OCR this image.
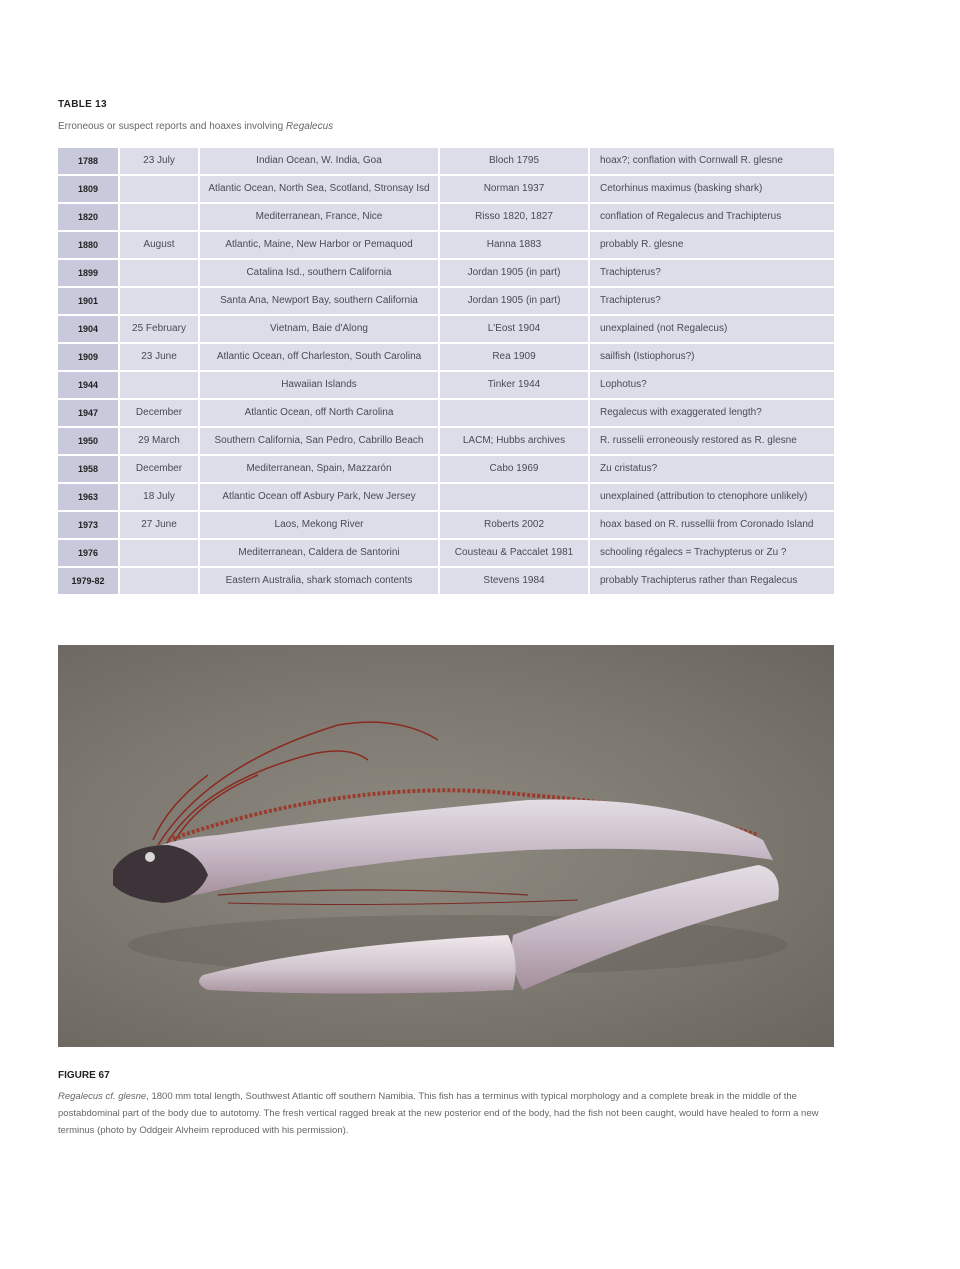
TABLE 13
Erroneous or suspect reports and hoaxes involving Regalecus
1788	23 July	Indian Ocean, W. India, Goa	Bloch 1795	hoax?; conflation with Cornwall R. glesne
1809		Atlantic Ocean, North Sea, Scotland, Stronsay Isd	Norman 1937	Cetorhinus maximus (basking shark)
1820		Mediterranean, France, Nice	Risso 1820, 1827	conflation of Regalecus and Trachipterus
1880	August	Atlantic, Maine, New Harbor or Pemaquod	Hanna 1883	probably R. glesne
1899		Catalina Isd., southern California	Jordan 1905 (in part)	Trachipterus?
1901		Santa Ana, Newport Bay, southern California	Jordan 1905 (in part)	Trachipterus?
1904	25 February	Vietnam, Baie d'Along	L'Eost 1904	unexplained (not Regalecus)
1909	23 June	Atlantic Ocean, off Charleston, South Carolina	Rea 1909	sailfish (Istiophorus?)
1944		Hawaiian Islands	Tinker 1944	Lophotus?
1947	December	Atlantic Ocean, off North Carolina		Regalecus with exaggerated length?
1950	29 March	Southern California, San Pedro, Cabrillo Beach	LACM; Hubbs archives	R. russelii erroneously restored as R. glesne
1958	December	Mediterranean, Spain, Mazzarón	Cabo 1969	Zu cristatus?
1963	18 July	Atlantic Ocean off Asbury Park, New Jersey		unexplained (attribution to ctenophore unlikely)
1973	27 June	Laos, Mekong River	Roberts 2002	hoax based on R. russellii from Coronado Island
1976		Mediterranean, Caldera de Santorini	Cousteau & Paccalet 1981	schooling régalecs = Trachypterus or Zu ?
1979-82		Eastern Australia, shark stomach contents	Stevens 1984	probably Trachipterus rather than Regalecus
FIGURE 67
Regalecus cf. glesne, 1800 mm total length, Southwest Atlantic off southern Namibia. This fish has a terminus with typical morphology and a complete break in the middle of the postabdominal part of the body due to autotomy. The fresh vertical ragged break at the new posterior end of the body, had the fish not been caught, would have healed to form a new terminus (photo by Oddgeir Alvheim reproduced with his permission).
